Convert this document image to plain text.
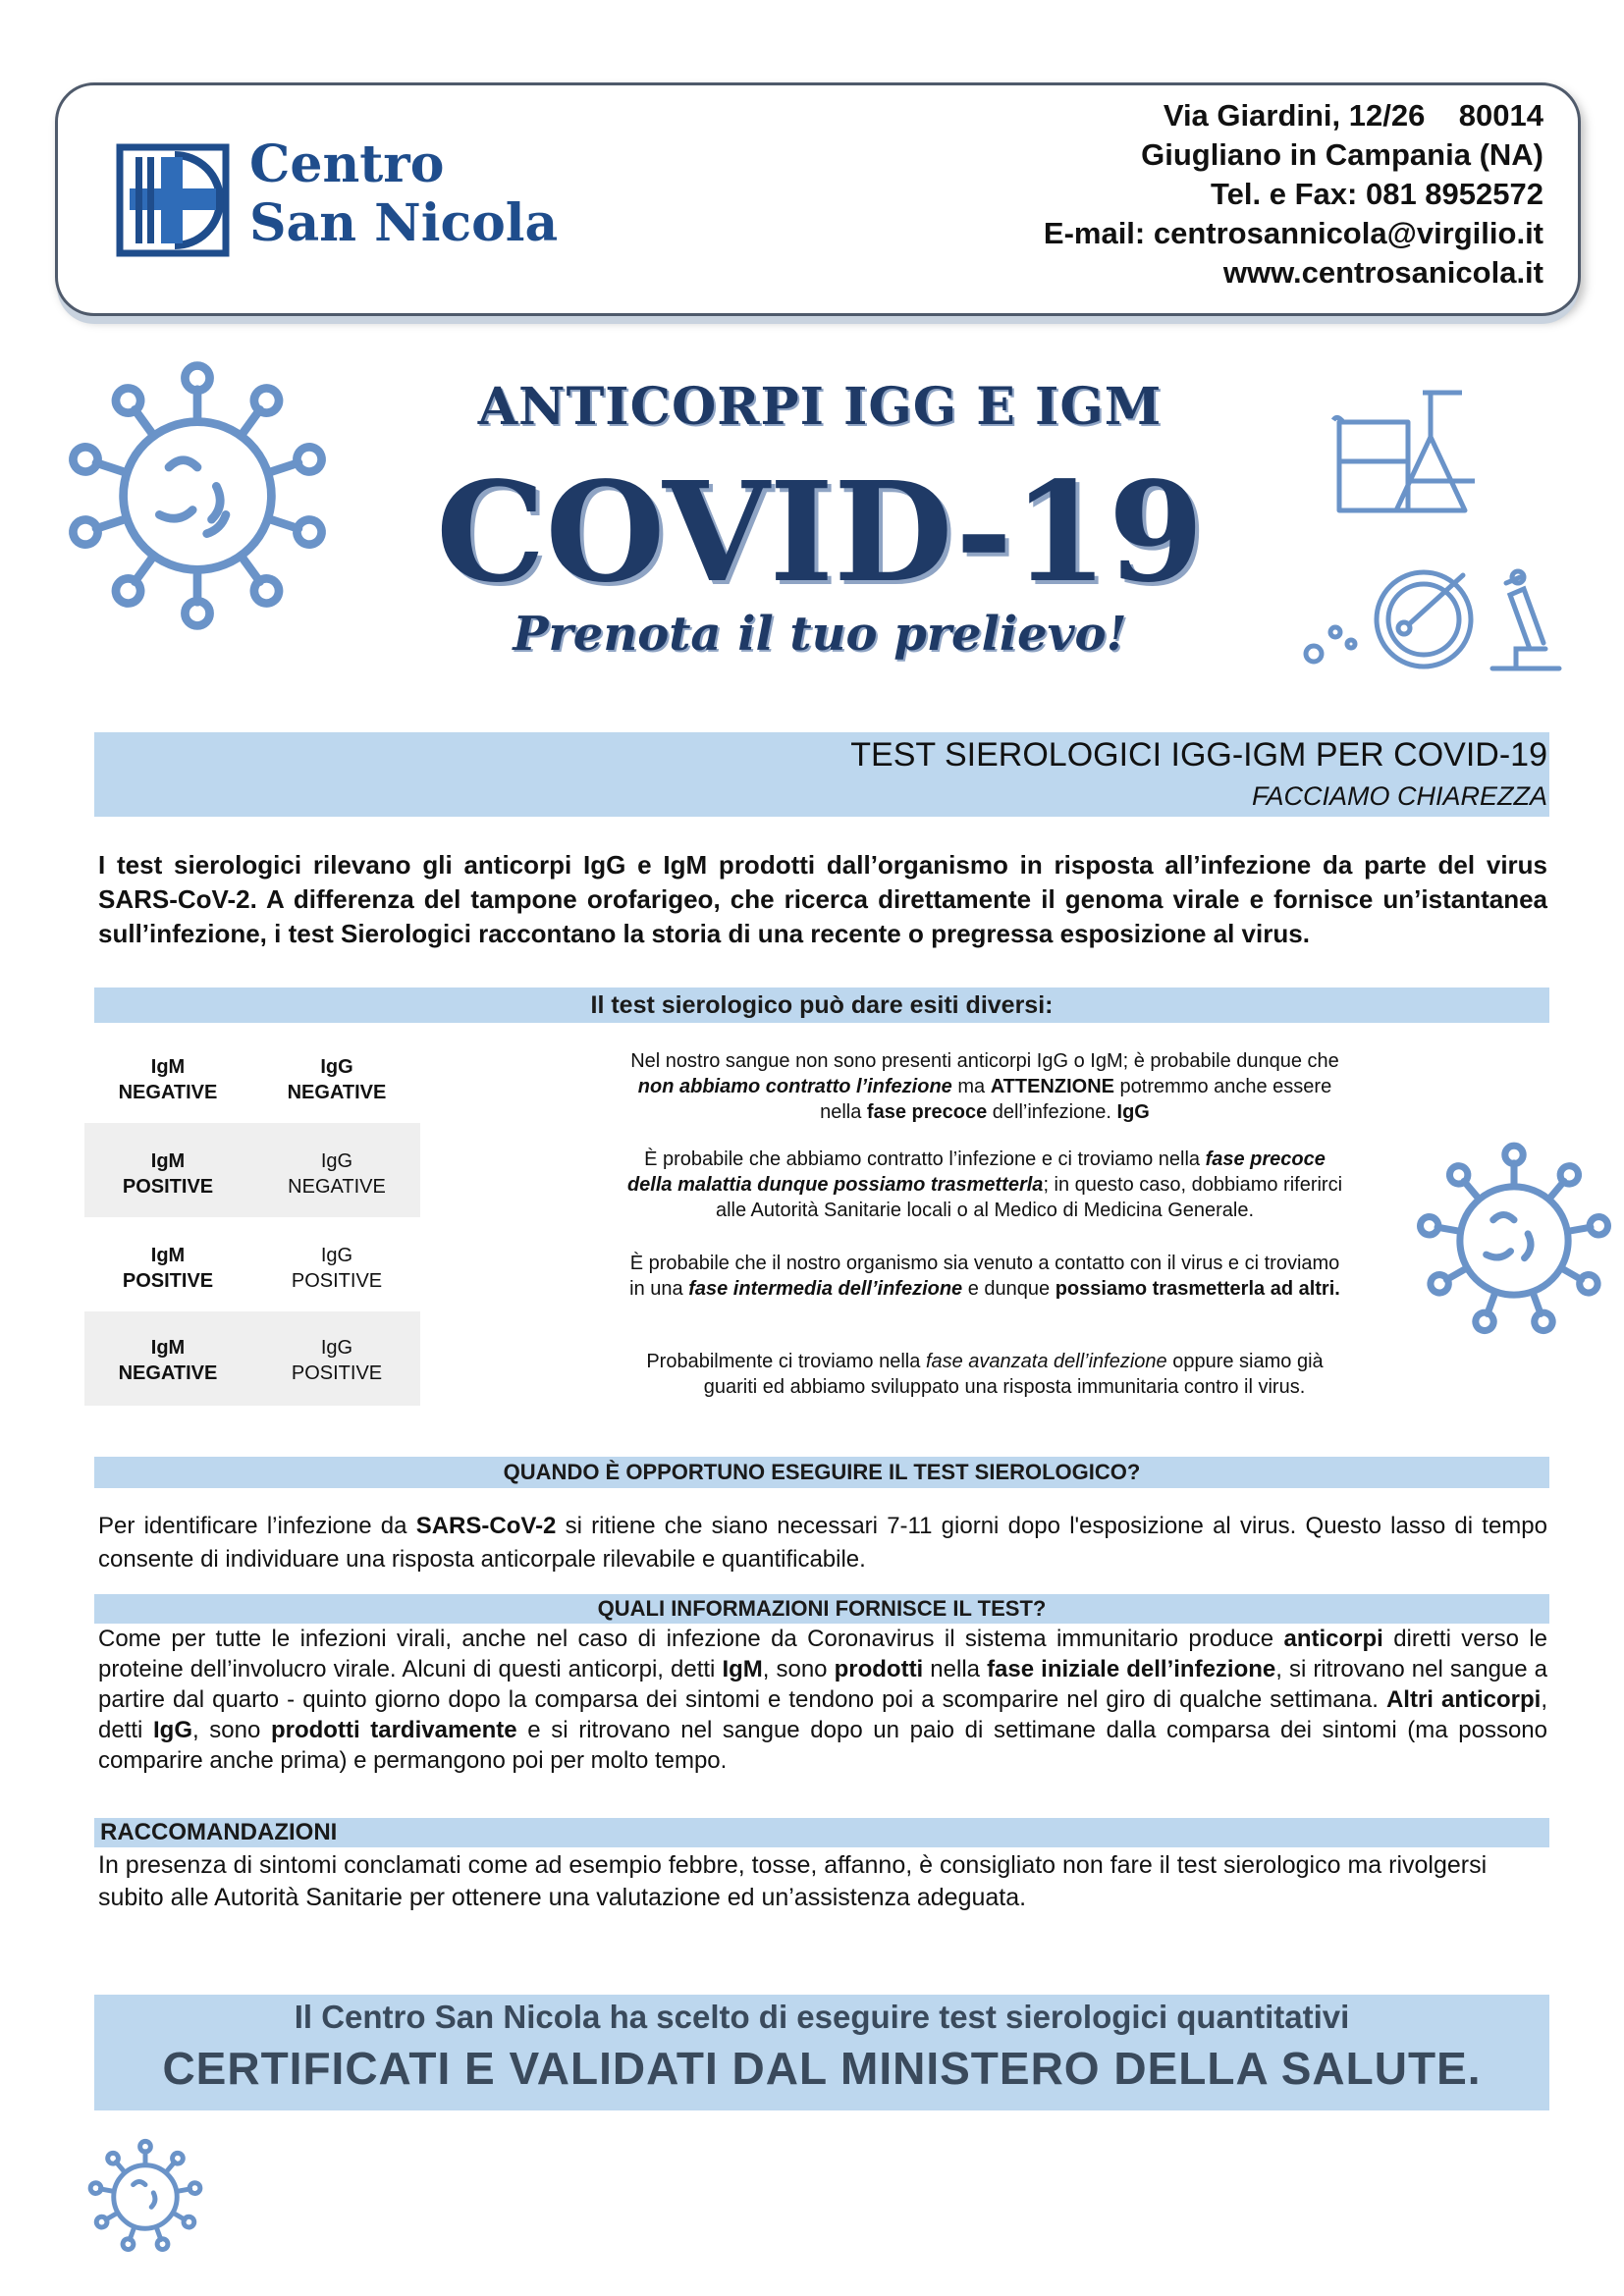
Centro
San Nicola
Via Giardini, 12/26    80014
Giugliano in Campania (NA)
Tel. e Fax: 081 8952572
E-mail: centrosannicola@virgilio.it
www.centrosanicola.it
ANTICORPI IGG E IGM
COVID-19
Prenota il tuo prelievo!
TEST SIEROLOGICI IGG-IGM PER COVID-19
FACCIAMO CHIAREZZA
I test sierologici rilevano gli anticorpi IgG e IgM prodotti dall’organismo in risposta all’infezione da parte del virus SARS-CoV-2. A differenza del tampone orofarigeo, che ricerca direttamente il genoma virale e fornisce un’istantanea sull’infezione, i test Sierologici raccontano la storia di una recente o pregressa esposizione al virus.
Il test sierologico può dare esiti diversi:
IgM
NEGATIVE
IgG
NEGATIVE
Nel nostro sangue non sono presenti anticorpi IgG o IgM; è probabile dunque che
non abbiamo contratto l’infezione ma ATTENZIONE potremmo anche essere
nella fase precoce dell’infezione. IgG
IgM
POSITIVE
IgG
NEGATIVE
È probabile che abbiamo contratto l’infezione e ci troviamo nella fase precoce
della malattia dunque possiamo trasmetterla; in questo caso, dobbiamo riferirci
alle Autorità Sanitarie locali o al Medico di Medicina Generale.
IgM
POSITIVE
IgG
POSITIVE
È probabile che il nostro organismo sia venuto a contatto con il virus e ci troviamo
in una fase intermedia dell’infezione e dunque possiamo trasmetterla ad altri.
IgM
NEGATIVE
IgG
POSITIVE
Probabilmente ci troviamo nella fase avanzata dell’infezione oppure siamo già
guariti ed abbiamo sviluppato una risposta immunitaria contro il virus.
QUANDO È OPPORTUNO ESEGUIRE IL TEST SIEROLOGICO?
Per identificare l’infezione da SARS-CoV-2 si ritiene che siano necessari 7-11 giorni dopo l'esposizione al virus. Questo lasso di tempo consente di individuare una risposta anticorpale rilevabile e quantificabile.
QUALI INFORMAZIONI FORNISCE IL TEST?
Come per tutte le infezioni virali, anche nel caso di infezione da Coronavirus il sistema immunitario produce anticorpi diretti verso le proteine dell’involucro virale. Alcuni di questi anticorpi, detti IgM, sono prodotti nella fase iniziale dell’infezione, si ritrovano nel sangue a partire dal quarto - quinto giorno dopo la comparsa dei sintomi e tendono poi a scomparire nel giro di qualche settimana. Altri anticorpi, detti IgG, sono prodotti tardivamente e si ritrovano nel sangue dopo un paio di settimane dalla comparsa dei sintomi (ma possono comparire anche prima) e permangono poi per molto tempo.
RACCOMANDAZIONI
In presenza di sintomi conclamati come ad esempio febbre, tosse, affanno, è consigliato non fare il test sierologico ma rivolgersi subito alle Autorità Sanitarie per ottenere una valutazione ed un’assistenza adeguata.
Il Centro San Nicola ha scelto di eseguire test sierologici quantitativi
CERTIFICATI E VALIDATI DAL MINISTERO DELLA SALUTE.
